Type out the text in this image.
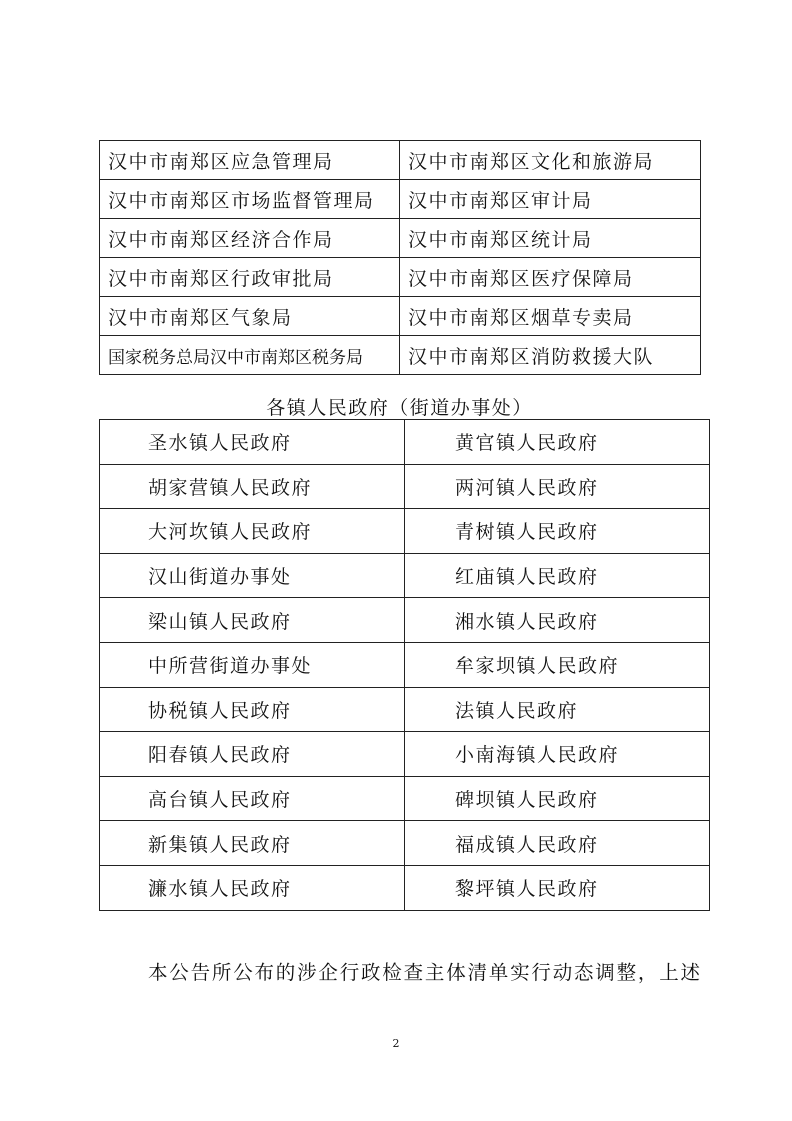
汉中市南郑区应急管理局	汉中市南郑区文化和旅游局
汉中市南郑区市场监督管理局	汉中市南郑区审计局
汉中市南郑区经济合作局	汉中市南郑区统计局
汉中市南郑区行政审批局	汉中市南郑区医疗保障局
汉中市南郑区气象局	汉中市南郑区烟草专卖局
国家税务总局汉中市南郑区税务局	汉中市南郑区消防救援大队
各镇人民政府（街道办事处）
圣水镇人民政府	黄官镇人民政府
胡家营镇人民政府	两河镇人民政府
大河坎镇人民政府	青树镇人民政府
汉山街道办事处	红庙镇人民政府
梁山镇人民政府	湘水镇人民政府
中所营街道办事处	牟家坝镇人民政府
协税镇人民政府	法镇人民政府
阳春镇人民政府	小南海镇人民政府
高台镇人民政府	碑坝镇人民政府
新集镇人民政府	福成镇人民政府
濂水镇人民政府	黎坪镇人民政府
本公告所公布的涉企行政检查主体清单实行动态调整，上述
2
